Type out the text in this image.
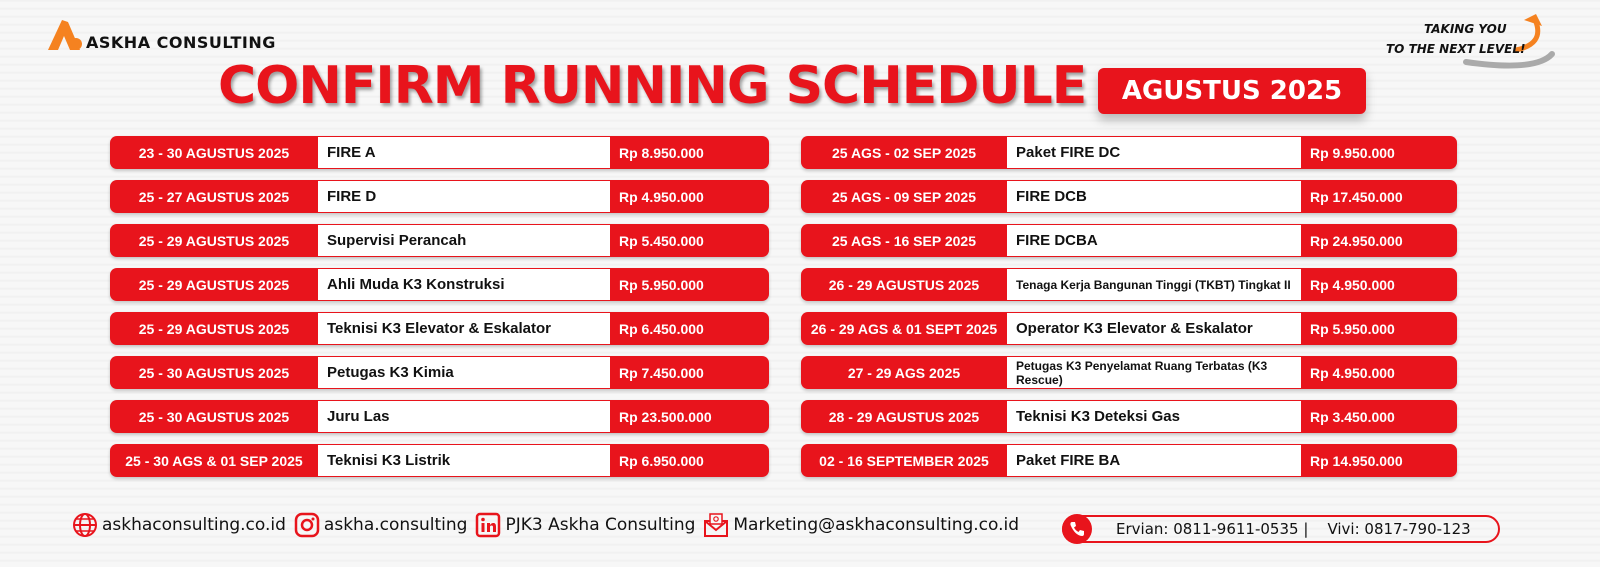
ASKHA CONSULTING
TAKING YOU
TO THE NEXT LEVEL!
CONFIRM RUNNING SCHEDULE	AGUSTUS 2025
23 - 30 AGUSTUS 2025	FIRE A	Rp 8.950.000
25 - 27 AGUSTUS 2025	FIRE D	Rp 4.950.000
25 - 29 AGUSTUS 2025	Supervisi Perancah	Rp 5.450.000
25 - 29 AGUSTUS 2025	Ahli Muda K3 Konstruksi	Rp 5.950.000
25 - 29 AGUSTUS 2025	Teknisi K3 Elevator & Eskalator	Rp 6.450.000
25 - 30 AGUSTUS 2025	Petugas K3 Kimia	Rp 7.450.000
25 - 30 AGUSTUS 2025	Juru Las	Rp 23.500.000
25 - 30 AGS & 01 SEP 2025	Teknisi K3 Listrik	Rp 6.950.000
25 AGS - 02 SEP 2025	Paket FIRE DC	Rp 9.950.000
25 AGS - 09 SEP 2025	FIRE DCB	Rp 17.450.000
25 AGS - 16 SEP 2025	FIRE DCBA	Rp 24.950.000
26 - 29 AGUSTUS 2025	Tenaga Kerja Bangunan Tinggi (TKBT) Tingkat II	Rp 4.950.000
26 - 29 AGS & 01 SEPT 2025	Operator K3 Elevator & Eskalator	Rp 5.950.000
27 - 29 AGS 2025	Petugas K3 Penyelamat Ruang Terbatas (K3 Rescue)	Rp 4.950.000
28 - 29 AGUSTUS 2025	Teknisi K3 Deteksi Gas	Rp 3.450.000
02 - 16 SEPTEMBER 2025	Paket FIRE BA	Rp 14.950.000
askhaconsulting.co.id askha.consulting PJK3 Askha Consulting Marketing@askhaconsulting.co.id	Ervian: 0811-9611-0535 |    Vivi: 0817-790-123
